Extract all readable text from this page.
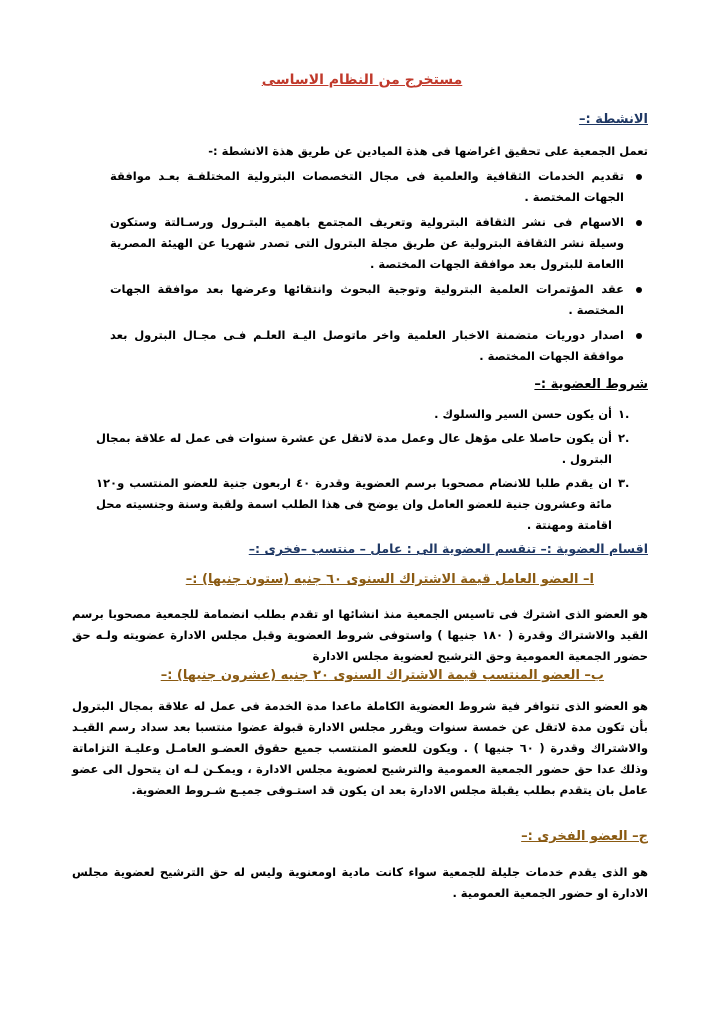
مستخرج من النظام الاساسى
الانشطة :–
تعمل الجمعية على تحقيق اغراضها فى هذة الميادين عن طريق هذة الانشطة :-
تقديم الخدمات الثقافية والعلمية فى مجال التخصصات البترولية المختلفـة بعـد موافقة الجهات المختصة .
الاسهام فى نشر الثقافة البترولية وتعريف المجتمع باهمية البتـرول ورسـالتة وستكون وسيلة نشر الثقافة البترولية عن طريق مجلة البترول التى تصدر شهريا عن الهيئة المصرية االعامة للبترول بعد موافقة الجهات المختصة .
عقد المؤتمرات العلمية البترولية وتوجية البحوث وانتقائها وعرضها بعد موافقة الجهات المختصة .
اصدار دوريات متضمنة الاخبار العلمية واخر ماتوصل اليـة العلـم فـى مجـال البترول بعد موافقة الجهات المختصة .
شروط العضوية :–
.١
أن يكون حسن السير والسلوك .
.٢
أن يكون حاصلا على مؤهل عال وعمل مدة لاتقل عن عشرة سنوات فى عمل له علاقة بمجال البترول .
.٣
ان يقدم طلبا للانضام مصحوبا برسم العضوية وقدرة ٤٠ اربعون جنية للعضو المنتسب و١٢٠ مائة وعشرون جنية للعضو العامل وان يوضح فى هذا الطلب اسمة ولقبة وسنة وجنسيته محل اقامتة ومهنتة .
اقسام العضوية :– تنقسم العضوية الى : عامل – منتسب –فخرى :–
ا– العضو العامل قيمة الاشتراك السنوى ٦٠ جنيه (ستون جنيها) :–
هو العضو الذى اشترك فى تاسيس الجمعية منذ انشائها او تقدم بطلب انضمامة للجمعية مصحوبا برسم القيد والاشتراك وقدرة ( ١٨٠ جنيها ) واستوفى شروط العضوية وقبل مجلس الادارة عضويته ولـه حق حضور الجمعية العمومية وحق الترشيح لعضوية مجلس الادارة
ب– العضو المنتسب قيمة الاشتراك السنوى ٢٠ جنيه (عشرون جنيها) :–
هو العضو الذى تتوافر فية شروط العضوية الكاملة ماعدا مدة الخدمة فى عمل له علاقة بمجال البترول بأن تكون مدة لاتقل عن خمسة سنوات ويقرر مجلس الادارة قبولة عضوا منتسبا بعد سداد رسم القيـد والاشتراك وقدرة ( ٦٠ جنيها ) . ويكون للعضو المنتسب جميع حقوق العضـو العامـل وعليـة التزاماتة وذلك عدا حق حضور الجمعية العمومية والترشيح لعضوية مجلس الادارة ، ويمكـن لـه ان يتحول الى عضو عامل بان يتقدم بطلب يقبلة مجلس الادارة بعد ان يكون قد استـوفى جميـع شـروط العضوية.
ج– العضو الفخرى :–
هو الذى يقدم خدمات جليلة للجمعية سواء كانت مادية اومعنوية وليس له حق الترشيح لعضوية مجلس الادارة او حضور الجمعية العمومية .
